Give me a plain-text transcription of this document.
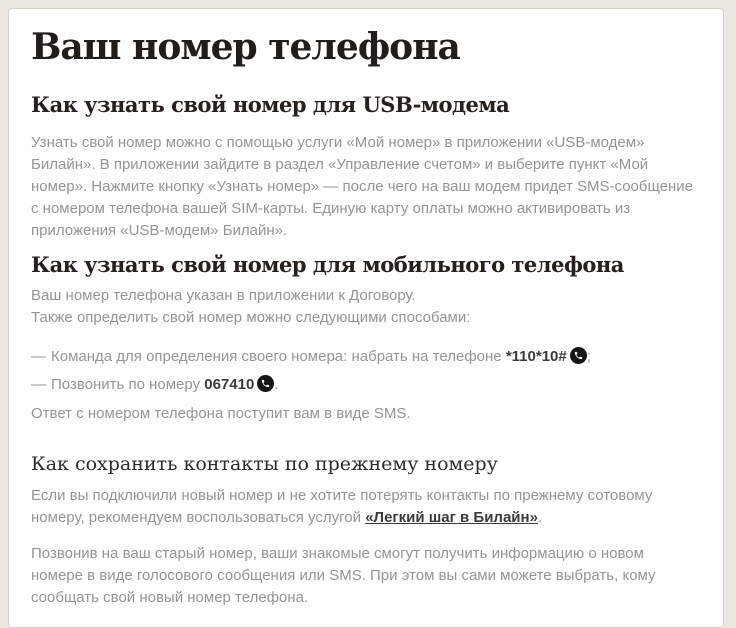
Ваш номер телефона
Как узнать свой номер для USB-модема

Узнать свой номер можно с помощью услуги «Мой номер» в приложении «USB-модем» Билайн». В приложении зайдите в раздел «Управление счетом» и выберите пункт «Мой номер». Нажмите кнопку «Узнать номер» — после чего на ваш модем придет SMS-сообщение с номером телефона вашей SIM-карты. Единую карту оплаты можно активировать из приложения «USB-модем» Билайн».

Как узнать свой номер для мобильного телефона

Ваш номер телефона указан в приложении к Договору.

Также определить свой номер можно следующими способами:

— Команда для определения своего номера: набрать на телефоне *110*10# ;
— Позвонить по номеру 067410 .

Ответ с номером телефона поступит вам в виде SMS.

Как сохранить контакты по прежнему номеру

Если вы подключили новый номер и не хотите потерять контакты по прежнему сотовому номеру, рекомендуем воспользоваться услугой «Легкий шаг в Билайн».

Позвонив на ваш старый номер, ваши знакомые смогут получить информацию о новом номере в виде голосового сообщения или SMS. При этом вы сами можете выбрать, кому сообщать свой новый номер телефона.
